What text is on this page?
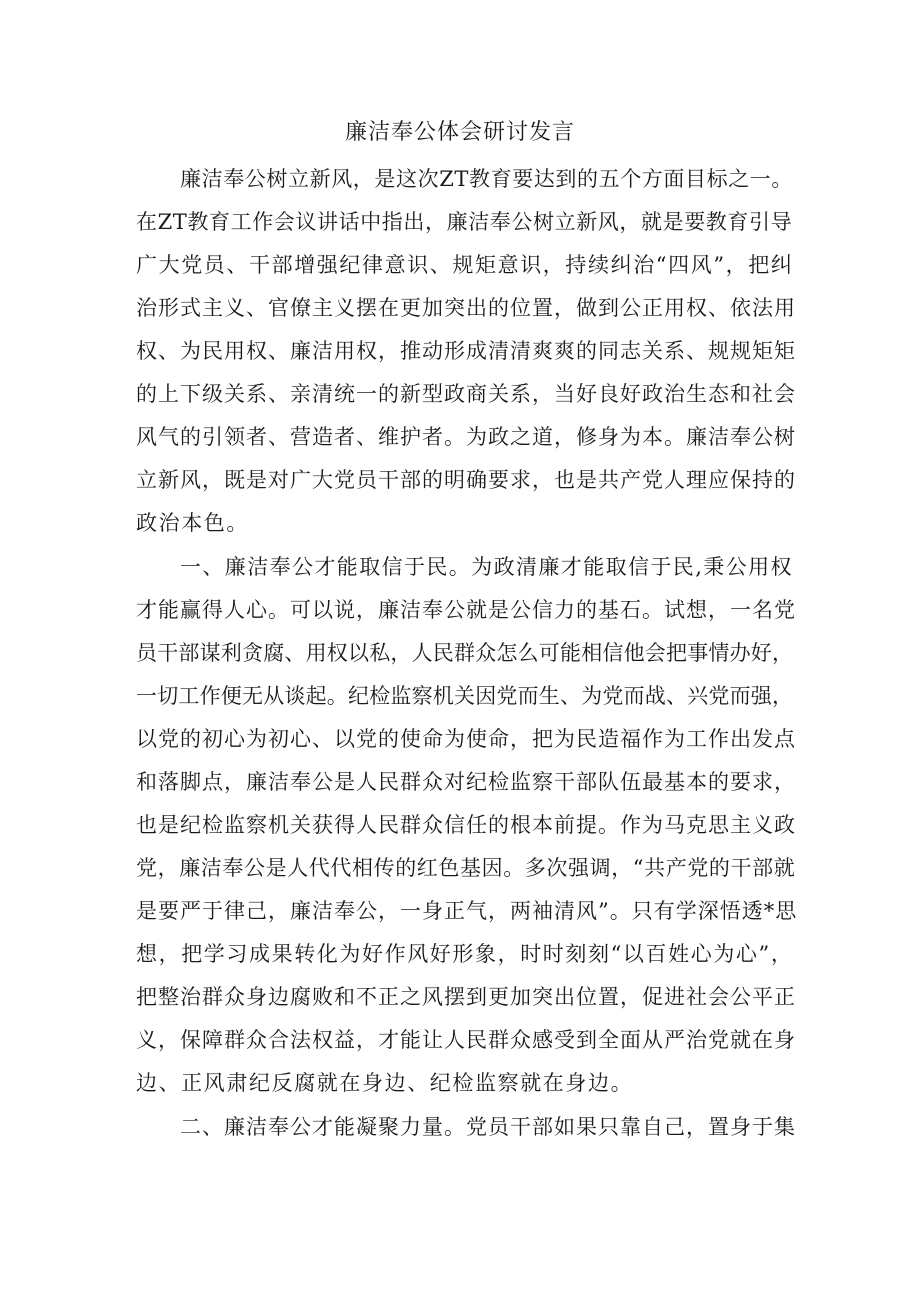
廉洁奉公体会研讨发言
廉洁奉公树立新风，是这次ZT教育要达到的五个方面目标之一。
在ZT教育工作会议讲话中指出，廉洁奉公树立新风，就是要教育引导
广大党员、干部增强纪律意识、规矩意识，持续纠治“四风”，把纠
治形式主义、官僚主义摆在更加突出的位置，做到公正用权、依法用
权、为民用权、廉洁用权，推动形成清清爽爽的同志关系、规规矩矩
的上下级关系、亲清统一的新型政商关系，当好良好政治生态和社会
风气的引领者、营造者、维护者。为政之道，修身为本。廉洁奉公树
立新风，既是对广大党员干部的明确要求，也是共产党人理应保持的
政治本色。
一、廉洁奉公才能取信于民。为政清廉才能取信于民,秉公用权
才能赢得人心。可以说，廉洁奉公就是公信力的基石。试想，一名党
员干部谋利贪腐、用权以私，人民群众怎么可能相信他会把事情办好，
一切工作便无从谈起。纪检监察机关因党而生、为党而战、兴党而强，
以党的初心为初心、以党的使命为使命，把为民造福作为工作出发点
和落脚点，廉洁奉公是人民群众对纪检监察干部队伍最基本的要求，
也是纪检监察机关获得人民群众信任的根本前提。作为马克思主义政
党，廉洁奉公是人代代相传的红色基因。多次强调，“共产党的干部就
是要严于律己，廉洁奉公，一身正气，两袖清风”。只有学深悟透*思
想，把学习成果转化为好作风好形象，时时刻刻“以百姓心为心”，
把整治群众身边腐败和不正之风摆到更加突出位置，促进社会公平正
义，保障群众合法权益，才能让人民群众感受到全面从严治党就在身
边、正风肃纪反腐就在身边、纪检监察就在身边。
二、廉洁奉公才能凝聚力量。党员干部如果只靠自己，置身于集
